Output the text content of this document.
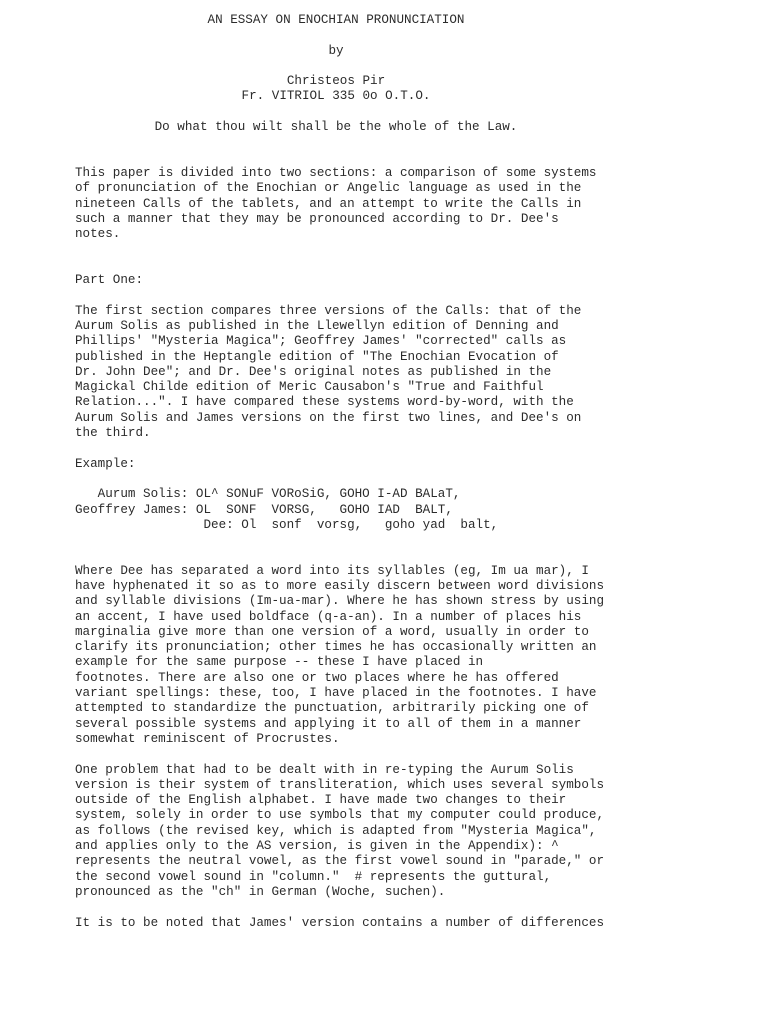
AN ESSAY ON ENOCHIAN PRONUNCIATION
by
Christeos Pir
Fr. VITRIOL 335 0o O.T.O.
Do what thou wilt shall be the whole of the Law.
This paper is divided into two sections: a comparison of some systems
of pronunciation of the Enochian or Angelic language as used in the
nineteen Calls of the tablets, and an attempt to write the Calls in
such a manner that they may be pronounced according to Dr. Dee's
notes.
Part One:
The first section compares three versions of the Calls: that of the
Aurum Solis as published in the Llewellyn edition of Denning and
Phillips' "Mysteria Magica"; Geoffrey James' "corrected" calls as
published in the Heptangle edition of "The Enochian Evocation of
Dr. John Dee"; and Dr. Dee's original notes as published in the
Magickal Childe edition of Meric Causabon's "True and Faithful
Relation...". I have compared these systems word-by-word, with the
Aurum Solis and James versions on the first two lines, and Dee's on
the third.
Example:
Aurum Solis: OL^ SONuF VORoSiG, GOHO I-AD BALaT,
Geoffrey James: OL  SONF  VORSG,   GOHO IAD  BALT,
Dee: Ol  sonf  vorsg,   goho yad  balt,
Where Dee has separated a word into its syllables (eg, Im ua mar), I
have hyphenated it so as to more easily discern between word divisions
and syllable divisions (Im-ua-mar). Where he has shown stress by using
an accent, I have used boldface (q-a-an). In a number of places his
marginalia give more than one version of a word, usually in order to
clarify its pronunciation; other times he has occasionally written an
example for the same purpose -- these I have placed in
footnotes. There are also one or two places where he has offered
variant spellings: these, too, I have placed in the footnotes. I have
attempted to standardize the punctuation, arbitrarily picking one of
several possible systems and applying it to all of them in a manner
somewhat reminiscent of Procrustes.
One problem that had to be dealt with in re-typing the Aurum Solis
version is their system of transliteration, which uses several symbols
outside of the English alphabet. I have made two changes to their
system, solely in order to use symbols that my computer could produce,
as follows (the revised key, which is adapted from "Mysteria Magica",
and applies only to the AS version, is given in the Appendix): ^
represents the neutral vowel, as the first vowel sound in "parade," or
the second vowel sound in "column."  # represents the guttural,
pronounced as the "ch" in German (Woche, suchen).
It is to be noted that James' version contains a number of differences
